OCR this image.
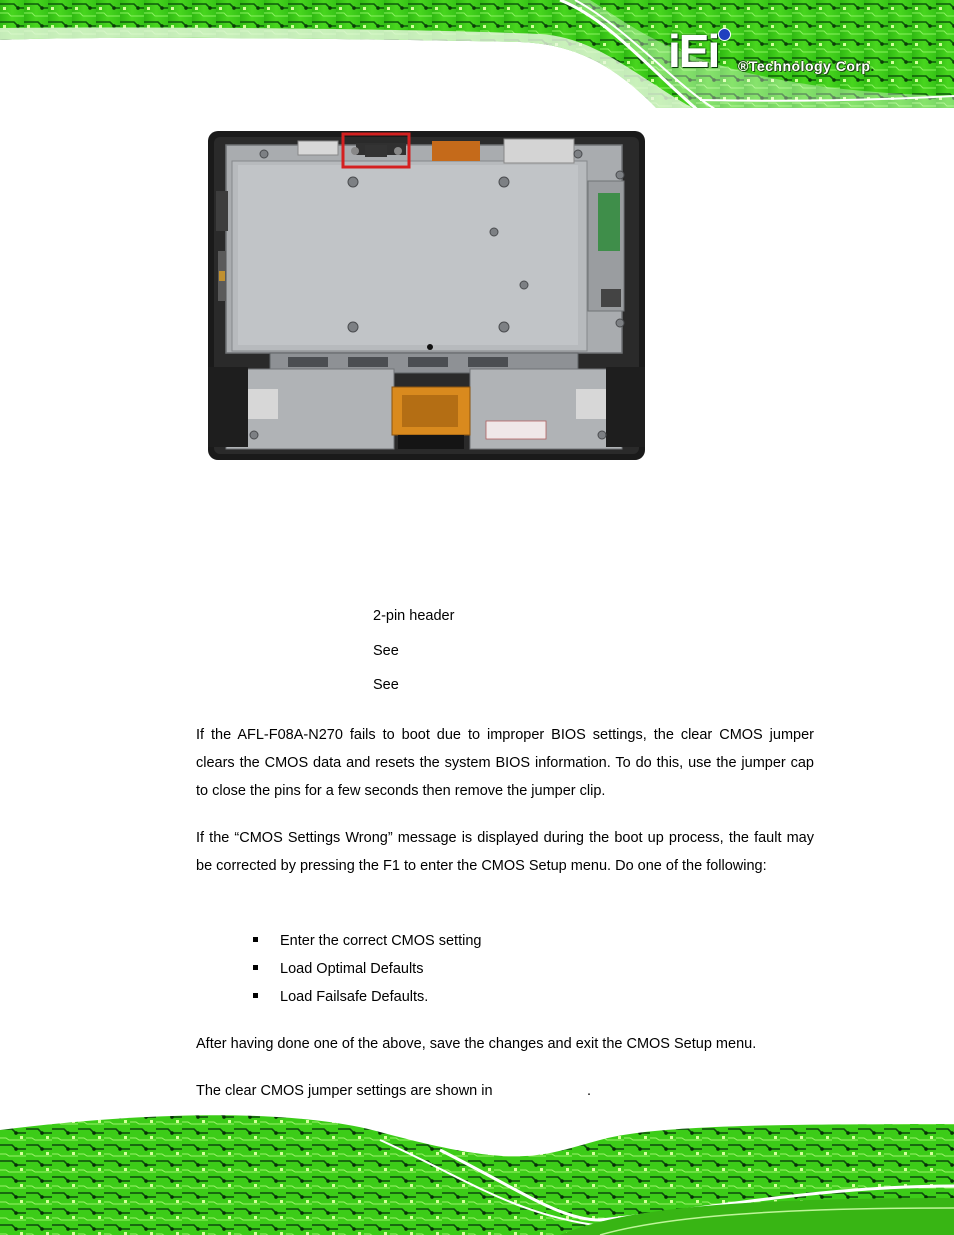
iEi ®Technology Corp.
2-pin header
See
See
If the AFL-F08A-N270 fails to boot due to improper BIOS settings, the clear CMOS jumper clears the CMOS data and resets the system BIOS information. To do this, use the jumper cap to close the pins for a few seconds then remove the jumper clip.
If the “CMOS Settings Wrong” message is displayed during the boot up process, the fault may be corrected by pressing the F1 to enter the CMOS Setup menu. Do one of the following:
Enter the correct CMOS setting
Load Optimal Defaults
Load Failsafe Defaults.
After having done one of the above, save the changes and exit the CMOS Setup menu.
The clear CMOS jumper settings are shown in	.
